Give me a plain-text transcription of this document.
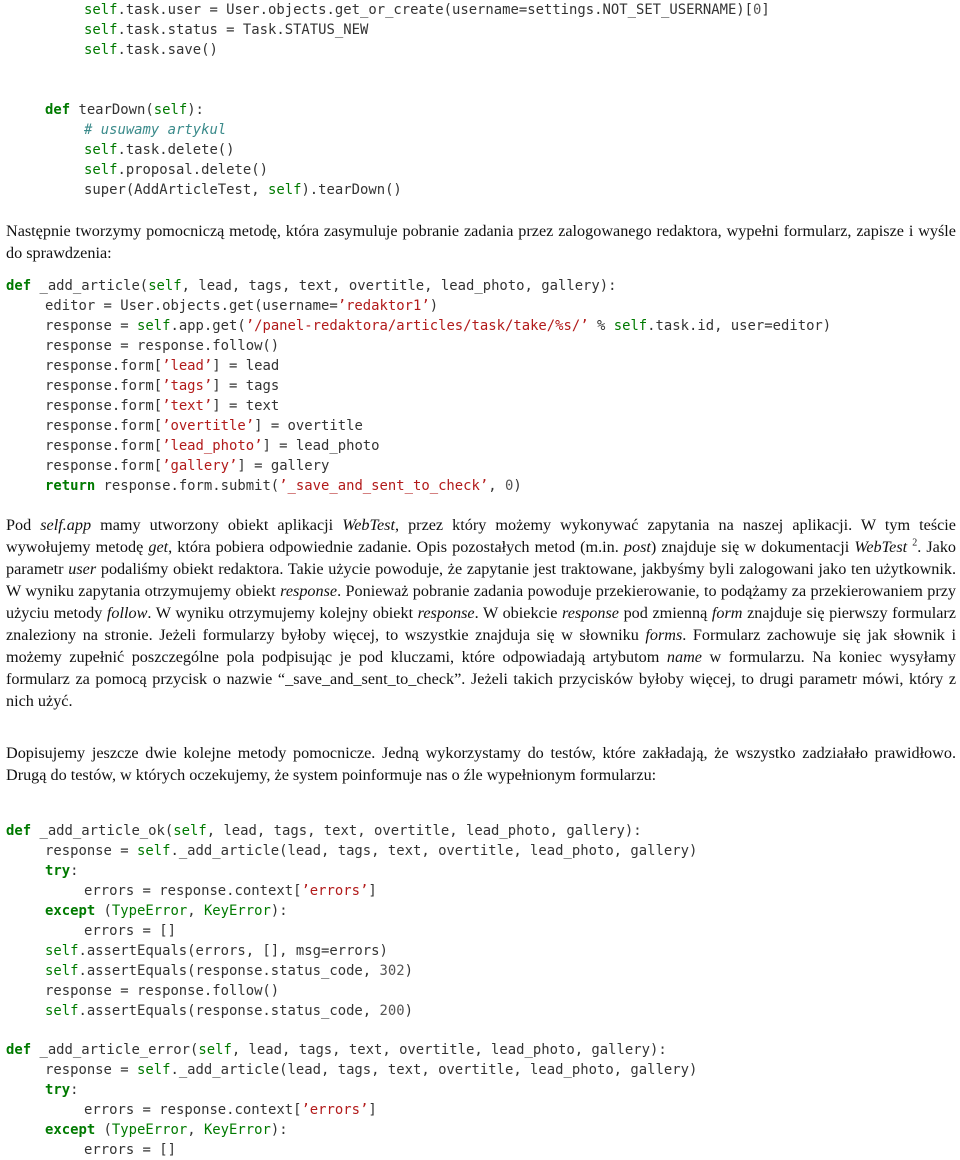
self.task.user = User.objects.get_or_create(username=settings.NOT_SET_USERNAME)[0]
self.task.status = Task.STATUS_NEW
self.task.save()
def tearDown(self):
# usuwamy artykul
self.task.delete()
self.proposal.delete()
super(AddArticleTest, self).tearDown()

Następnie tworzymy pomocniczą metodę, która zasymuluje pobranie zadania przez zalogowanego redaktora, wypełni formularz, zapisze i wyśle do sprawdzenia:

def _add_article(self, lead, tags, text, overtitle, lead_photo, gallery):
editor = User.objects.get(username=’redaktor1’)
response = self.app.get(’/panel-redaktora/articles/task/take/%s/’ % self.task.id, user=editor)
response = response.follow()
response.form[’lead’] = lead
response.form[’tags’] = tags
response.form[’text’] = text
response.form[’overtitle’] = overtitle
response.form[’lead_photo’] = lead_photo
response.form[’gallery’] = gallery
return response.form.submit(’_save_and_sent_to_check’, 0)

Pod self.app mamy utworzony obiekt aplikacji WebTest, przez który możemy wykonywać zapytania na naszej aplikacji. W tym teście wywołujemy metodę get, która pobiera odpowiednie zadanie. Opis pozostałych metod (m.in. post) znajduje się w dokumentacji WebTest $^2$. Jako parametr user podaliśmy obiekt redaktora. Takie użycie powoduje, że zapytanie jest traktowane, jakbyśmy byli zalogowani jako ten użytkownik. W wyniku zapytania otrzymujemy obiekt response. Ponieważ pobranie zadania powoduje przekierowanie, to podążamy za przekierowaniem przy użyciu metody follow. W wyniku otrzymujemy kolejny obiekt response. W obiekcie response pod zmienną form znajduje się pierwszy formularz znaleziony na stronie. Jeżeli formularzy byłoby więcej, to wszystkie znajduja się w słowniku forms. Formularz zachowuje się jak słownik i możemy zupełnić poszczególne pola podpisując je pod kluczami, które odpowiadają artybutom name w formularzu. Na koniec wysyłamy formularz za pomocą przycisk o nazwie “_save_and_sent_to_check”. Jeżeli takich przycisków byłoby więcej, to drugi parametr mówi, który z nich użyć.

Dopisujemy jeszcze dwie kolejne metody pomocnicze. Jedną wykorzystamy do testów, które zakładają, że wszystko zadziałało prawidłowo. Drugą do testów, w których oczekujemy, że system poinformuje nas o źle wypełnionym formularzu:

def _add_article_ok(self, lead, tags, text, overtitle, lead_photo, gallery):
response = self._add_article(lead, tags, text, overtitle, lead_photo, gallery)
try:
errors = response.context[’errors’]
except (TypeError, KeyError):
errors = []
self.assertEquals(errors, [], msg=errors)
self.assertEquals(response.status_code, 302)
response = response.follow()
self.assertEquals(response.status_code, 200)
def _add_article_error(self, lead, tags, text, overtitle, lead_photo, gallery):
response = self._add_article(lead, tags, text, overtitle, lead_photo, gallery)
try:
errors = response.context[’errors’]
except (TypeError, KeyError):
errors = []
